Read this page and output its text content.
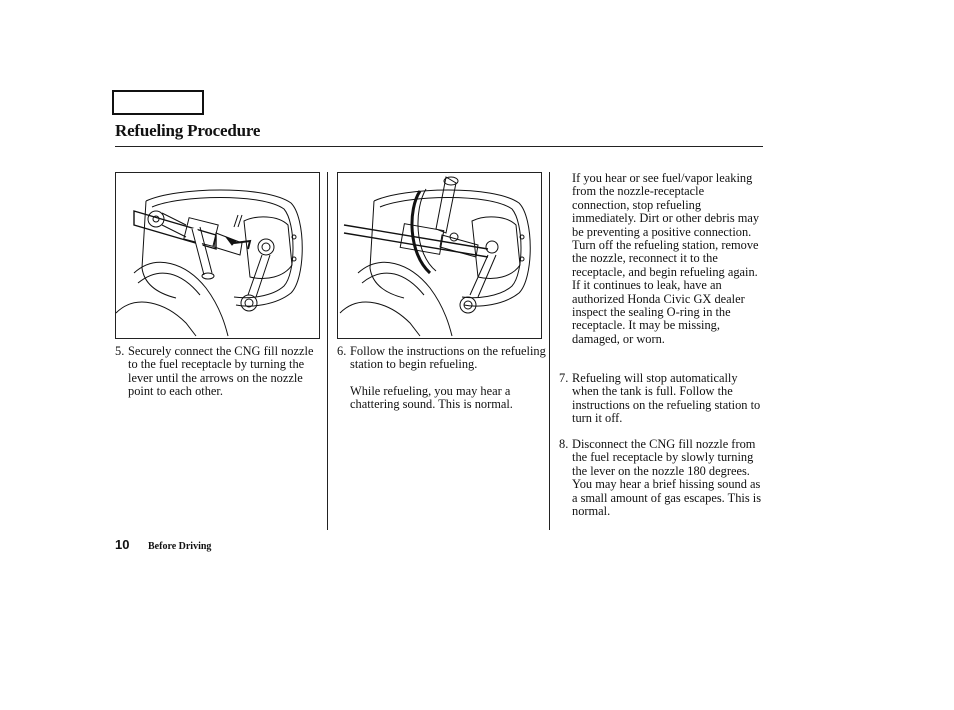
Refueling Procedure
5. Securely connect the CNG fill nozzle to the fuel receptacle by turning the lever until the arrows on the nozzle point to each other.
6. Follow the instructions on the refueling station to begin refueling.
While refueling, you may hear a chattering sound. This is normal.
If you hear or see fuel/vapor leaking from the nozzle-receptacle connection, stop refueling immediately. Dirt or other debris may be preventing a positive connection. Turn off the refueling station, remove the nozzle, reconnect it to the receptacle, and begin refueling again. If it continues to leak, have an authorized Honda Civic GX dealer inspect the sealing O-ring in the receptacle. It may be missing, damaged, or worn.
7. Refueling will stop automatically when the tank is full. Follow the instructions on the refueling station to turn it off.
8. Disconnect the CNG fill nozzle from the fuel receptacle by slowly turning the lever on the nozzle 180 degrees. You may hear a brief hissing sound as a small amount of gas escapes. This is normal.
10 Before Driving
